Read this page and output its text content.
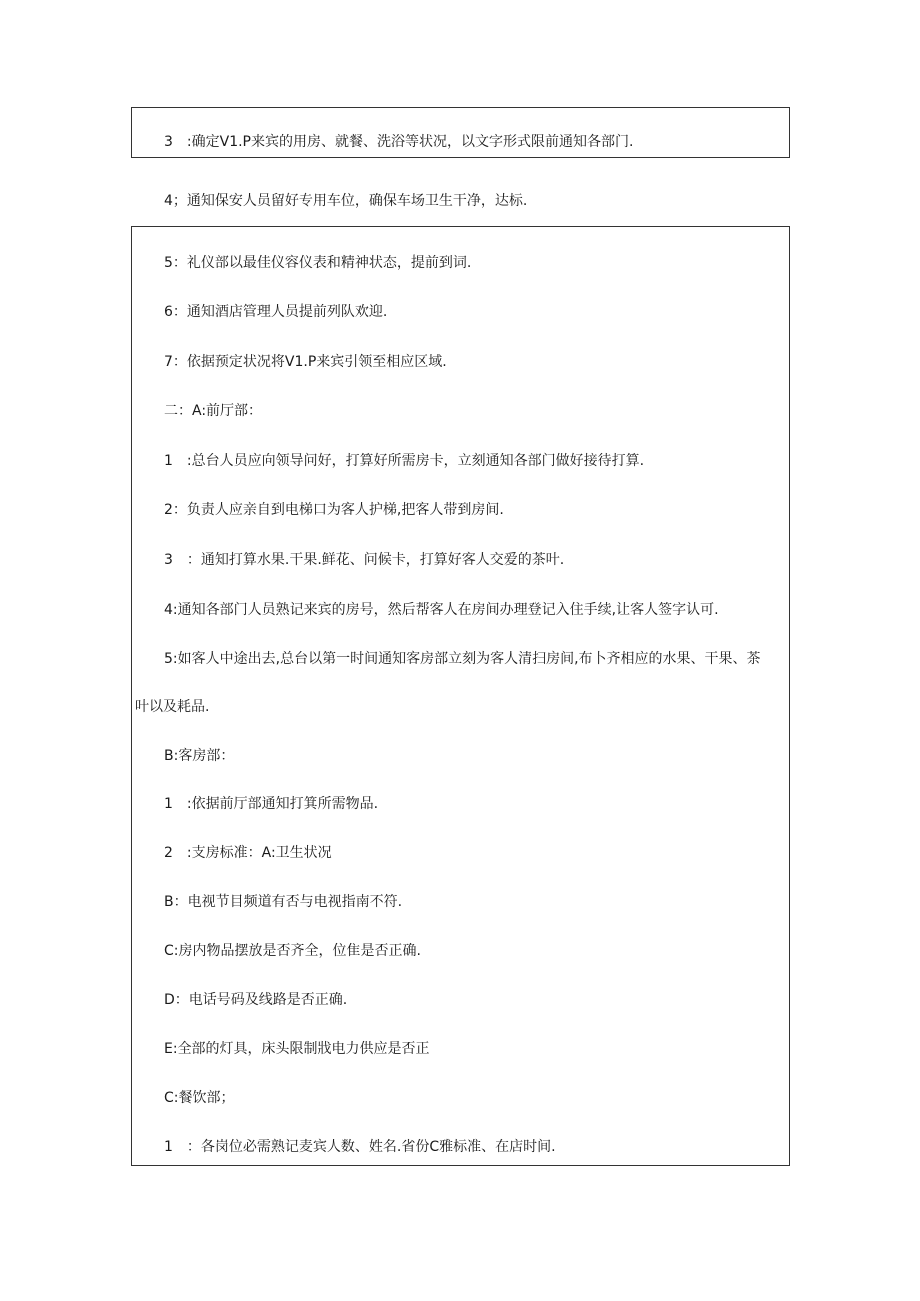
3　:确定V1.P来宾的用房、就餐、洗浴等状况，以文字形式限前通知各部门.
4；通知保安人员留好专用车位，确保车场卫生干净，达标.
5：礼仪部以最佳仪容仪表和精神状态，提前到词.
6：通知酒店管理人员提前列队欢迎.
7：依据预定状况将V1.P来宾引领至相应区域.
二：A:前厅部：
1　:总台人员应向领导问好，打算好所需房卡，立刻通知各部门做好接待打算.
2：负责人应亲自到电梯口为客人护梯,把客人带到房间.
3　：通知打算水果.干果.鲜花、问候卡，打算好客人交爱的茶叶.
4:通知各部门人员熟记来宾的房号，然后帮客人在房间办理登记入住手续,让客人签字认可.
5:如客人中途出去,总台以第一时间通知客房部立刻为客人清扫房间,布卜齐相应的水果、干果、茶
叶以及耗品.
B:客房部：
1　:依据前厅部通知打箕所需物品.
2　:支房标准：A:卫生状况
B：电视节目频道有否与电视指南不符.
C:房内物品摆放是否齐全，位隹是否正确.
D：电话号码及线路是否正确.
E:全部的灯具，床头限制戕电力供应是否正
C:餐饮部；
1　：各岗位必需熟记麦宾人数、姓名.省份C雅标准、在店时间.
